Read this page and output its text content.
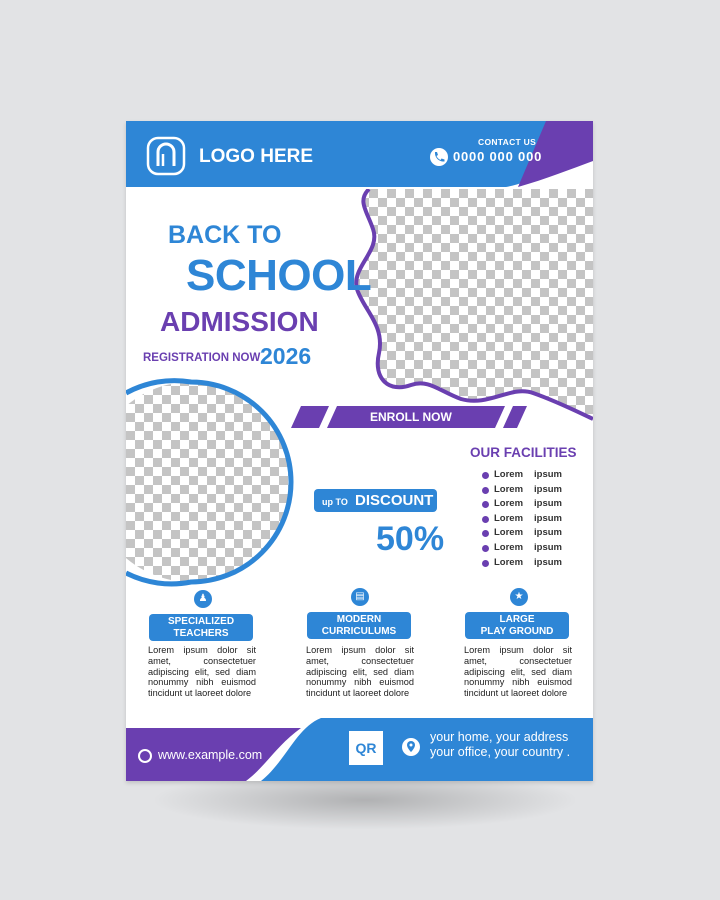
LOGO HERE
CONTACT US
0000 000 000
BACK TO
SCHOOL
ADMISSION
REGISTRATION NOW 2026
ENROLL NOW
OUR FACILITIES
Lorem ipsum
Lorem ipsum
Lorem ipsum
Lorem ipsum
Lorem ipsum
Lorem ipsum
Lorem ipsum
up TO DISCOUNT
50%
♟
SPECIALIZED
TEACHERS
Lorem ipsum dolor sit amet, consectetuer adipiscing elit, sed diam nonummy nibh euismod tincidunt ut laoreet dolore
▤
MODERN
CURRICULUMS
Lorem ipsum dolor sit amet, consectetuer adipiscing elit, sed diam nonummy nibh euismod tincidunt ut laoreet dolore
★
LARGE
PLAY GROUND
Lorem ipsum dolor sit amet, consectetuer adipiscing elit, sed diam nonummy nibh euismod tincidunt ut laoreet dolore
www.example.com	QR
your home, your address
your office, your country .
